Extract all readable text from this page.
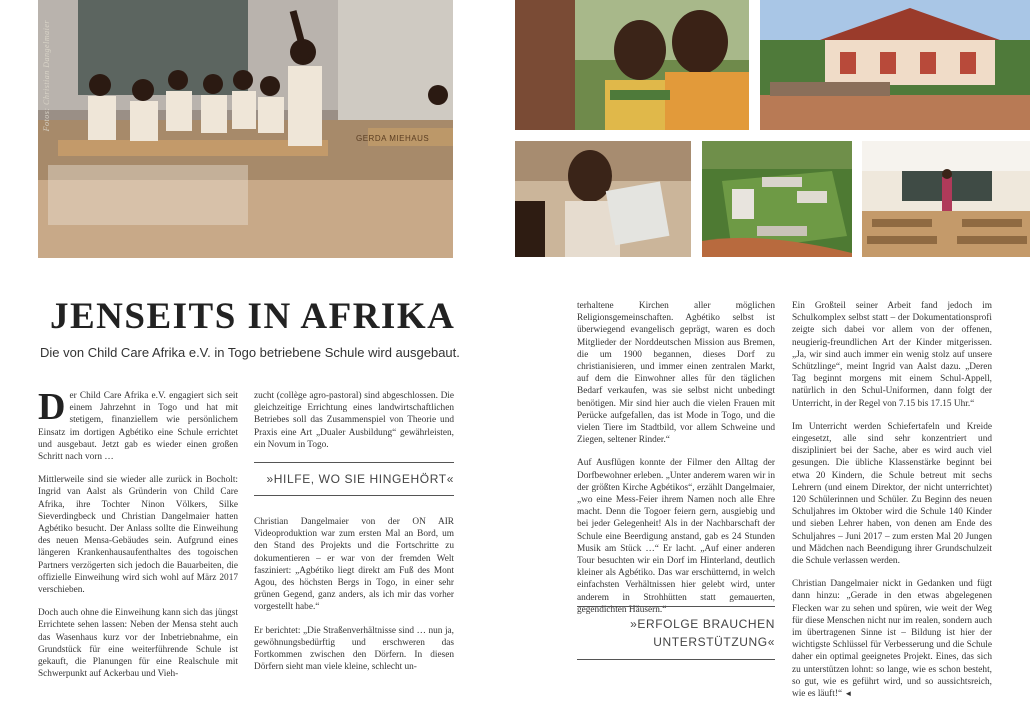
Fotos: Christian Dangelmaier
GERDA MIEHAUS
JENSEITS IN AFRIKA

Die von Child Care Afrika e.V. in Togo betriebene Schule wird ausgebaut.

Der Child Care Afrika e.V. engagiert sich seit einem Jahrzehnt in Togo und hat mit stetigem, finanziellem wie persönlichem Einsatz im dortigen Agbétiko eine Schule errichtet und ausgebaut. Jetzt gab es wieder einen großen Schritt nach vorn …

Mittlerweile sind sie wieder alle zurück in Bocholt: Ingrid van Aalst als Gründerin von Child Care Afrika, ihre Tochter Ninon Völkers, Silke Sieverdingbeck und Christian Dangelmaier hatten Agbétiko besucht. Der Anlass sollte die Einweihung des neuen Mensa-Gebäudes sein. Aufgrund eines längeren Krankenhausaufenthaltes des togoischen Partners verzögerten sich jedoch die Bauarbeiten, die offizielle Einweihung wird sich wohl auf März 2017 verschieben.

Doch auch ohne die Einweihung kann sich das jüngst Errichtete sehen lassen: Neben der Mensa steht auch das Wasenhaus kurz vor der Inbetriebnahme, ein Grundstück für eine weiterführende Schule ist gekauft, die Planungen für eine Realschule mit Schwerpunkt auf Ackerbau und Vieh-

zucht (collège agro-pastoral) sind abgeschlossen. Die gleichzeitige Errichtung eines landwirtschaftlichen Betriebes soll das Zusammenspiel von Theorie und Praxis eine Art „Dualer Ausbildung“ gewährleisten, ein Novum in Togo.

»HILFE, WO SIE HINGEHÖRT«

Christian Dangelmaier von der ON AIR Videoproduktion war zum ersten Mal an Bord, um den Stand des Projekts und die Fortschritte zu dokumentieren – er war von der fremden Welt fasziniert: „Agbétiko liegt direkt am Fuß des Mont Agou, des höchsten Bergs in Togo, in einer sehr grünen Gegend, ganz anders, als ich mir das vorher vorgestellt habe.“

Er berichtet: „Die Straßenverhältnisse sind … nun ja, gewöhnungsbedürftig und erschweren das Fortkommen zwischen den Dörfern. In diesen Dörfern sieht man viele kleine, schlecht un-

terhaltene Kirchen aller möglichen Religionsgemeinschaften. Agbétiko selbst ist überwiegend evangelisch geprägt, waren es doch Mitglieder der Norddeutschen Mission aus Bremen, die um 1900 begannen, dieses Dorf zu christianisieren, und immer einen zentralen Markt, auf dem die Einwohner alles für den täglichen Bedarf verkaufen, was sie selbst nicht unbedingt benötigen. Mir sind hier auch die vielen Frauen mit Perücke aufgefallen, das ist Mode in Togo, und die vielen Tiere im Stadtbild, vor allem Schweine und Ziegen, seltener Rinder.“

Auf Ausflügen konnte der Filmer den Alltag der Dorfbewohner erleben. „Unter anderem waren wir in der größten Kirche Agbétikos“, erzählt Dangelmaier, „wo eine Mess-Feier ihrem Namen noch alle Ehre macht. Denn die Togoer feiern gern, ausgiebig und bei jeder Gelegenheit! Als in der Nachbarschaft der Schule eine Beerdigung anstand, gab es 24 Stunden Musik am Stück …“ Er lacht. „Auf einer anderen Tour besuchten wir ein Dorf im Hinterland, deutlich kleiner als Agbétiko. Das war erschütternd, in welch einfachsten Verhältnissen hier gelebt wird, unter anderem in Strohhütten statt gemauerten, gegendichten Häusern.“

»ERFOLGE BRAUCHEN
UNTERSTÜTZUNG«

Ein Großteil seiner Arbeit fand jedoch im Schulkomplex selbst statt – der Dokumentationsprofi zeigte sich dabei vor allem von der offenen, neugierig-freundlichen Art der Kinder mitgerissen. „Ja, wir sind auch immer ein wenig stolz auf unsere Schützlinge“, meint Ingrid van Aalst dazu. „Deren Tag beginnt morgens mit einem Schul-Appell, natürlich in den Schul-Uniformen, dann folgt der Unterricht, in der Regel von 7.15 bis 17.15 Uhr.“

Im Unterricht werden Schiefertafeln und Kreide eingesetzt, alle sind sehr konzentriert und diszipliniert bei der Sache, aber es wird auch viel gesungen. Die übliche Klassenstärke beginnt bei etwa 20 Kindern, die Schule betreut mit sechs Lehrern (und einem Direktor, der nicht unterrichtet) 120 Schülerinnen und Schüler. Zu Beginn des neuen Schuljahres im Oktober wird die Schule 140 Kinder und sieben Lehrer haben, von denen am Ende des Schuljahres – Juni 2017 – zum ersten Mal 20 Jungen und Mädchen nach Beendigung ihrer Grundschulzeit die Schule verlassen werden.

Christian Dangelmaier nickt in Gedanken und fügt dann hinzu: „Gerade in den etwas abgelegenen Flecken war zu sehen und spüren, wie weit der Weg für diese Menschen nicht nur im realen, sondern auch im übertragenen Sinne ist – Bildung ist hier der wichtigste Schlüssel für Verbesserung und die Schule daher ein optimal geeignetes Projekt. Eines, das sich zu unterstützen lohnt: so lange, wie es schon besteht, so gut, wie es geführt wird, und so aussichtsreich, wie es läuft!“ ◄
